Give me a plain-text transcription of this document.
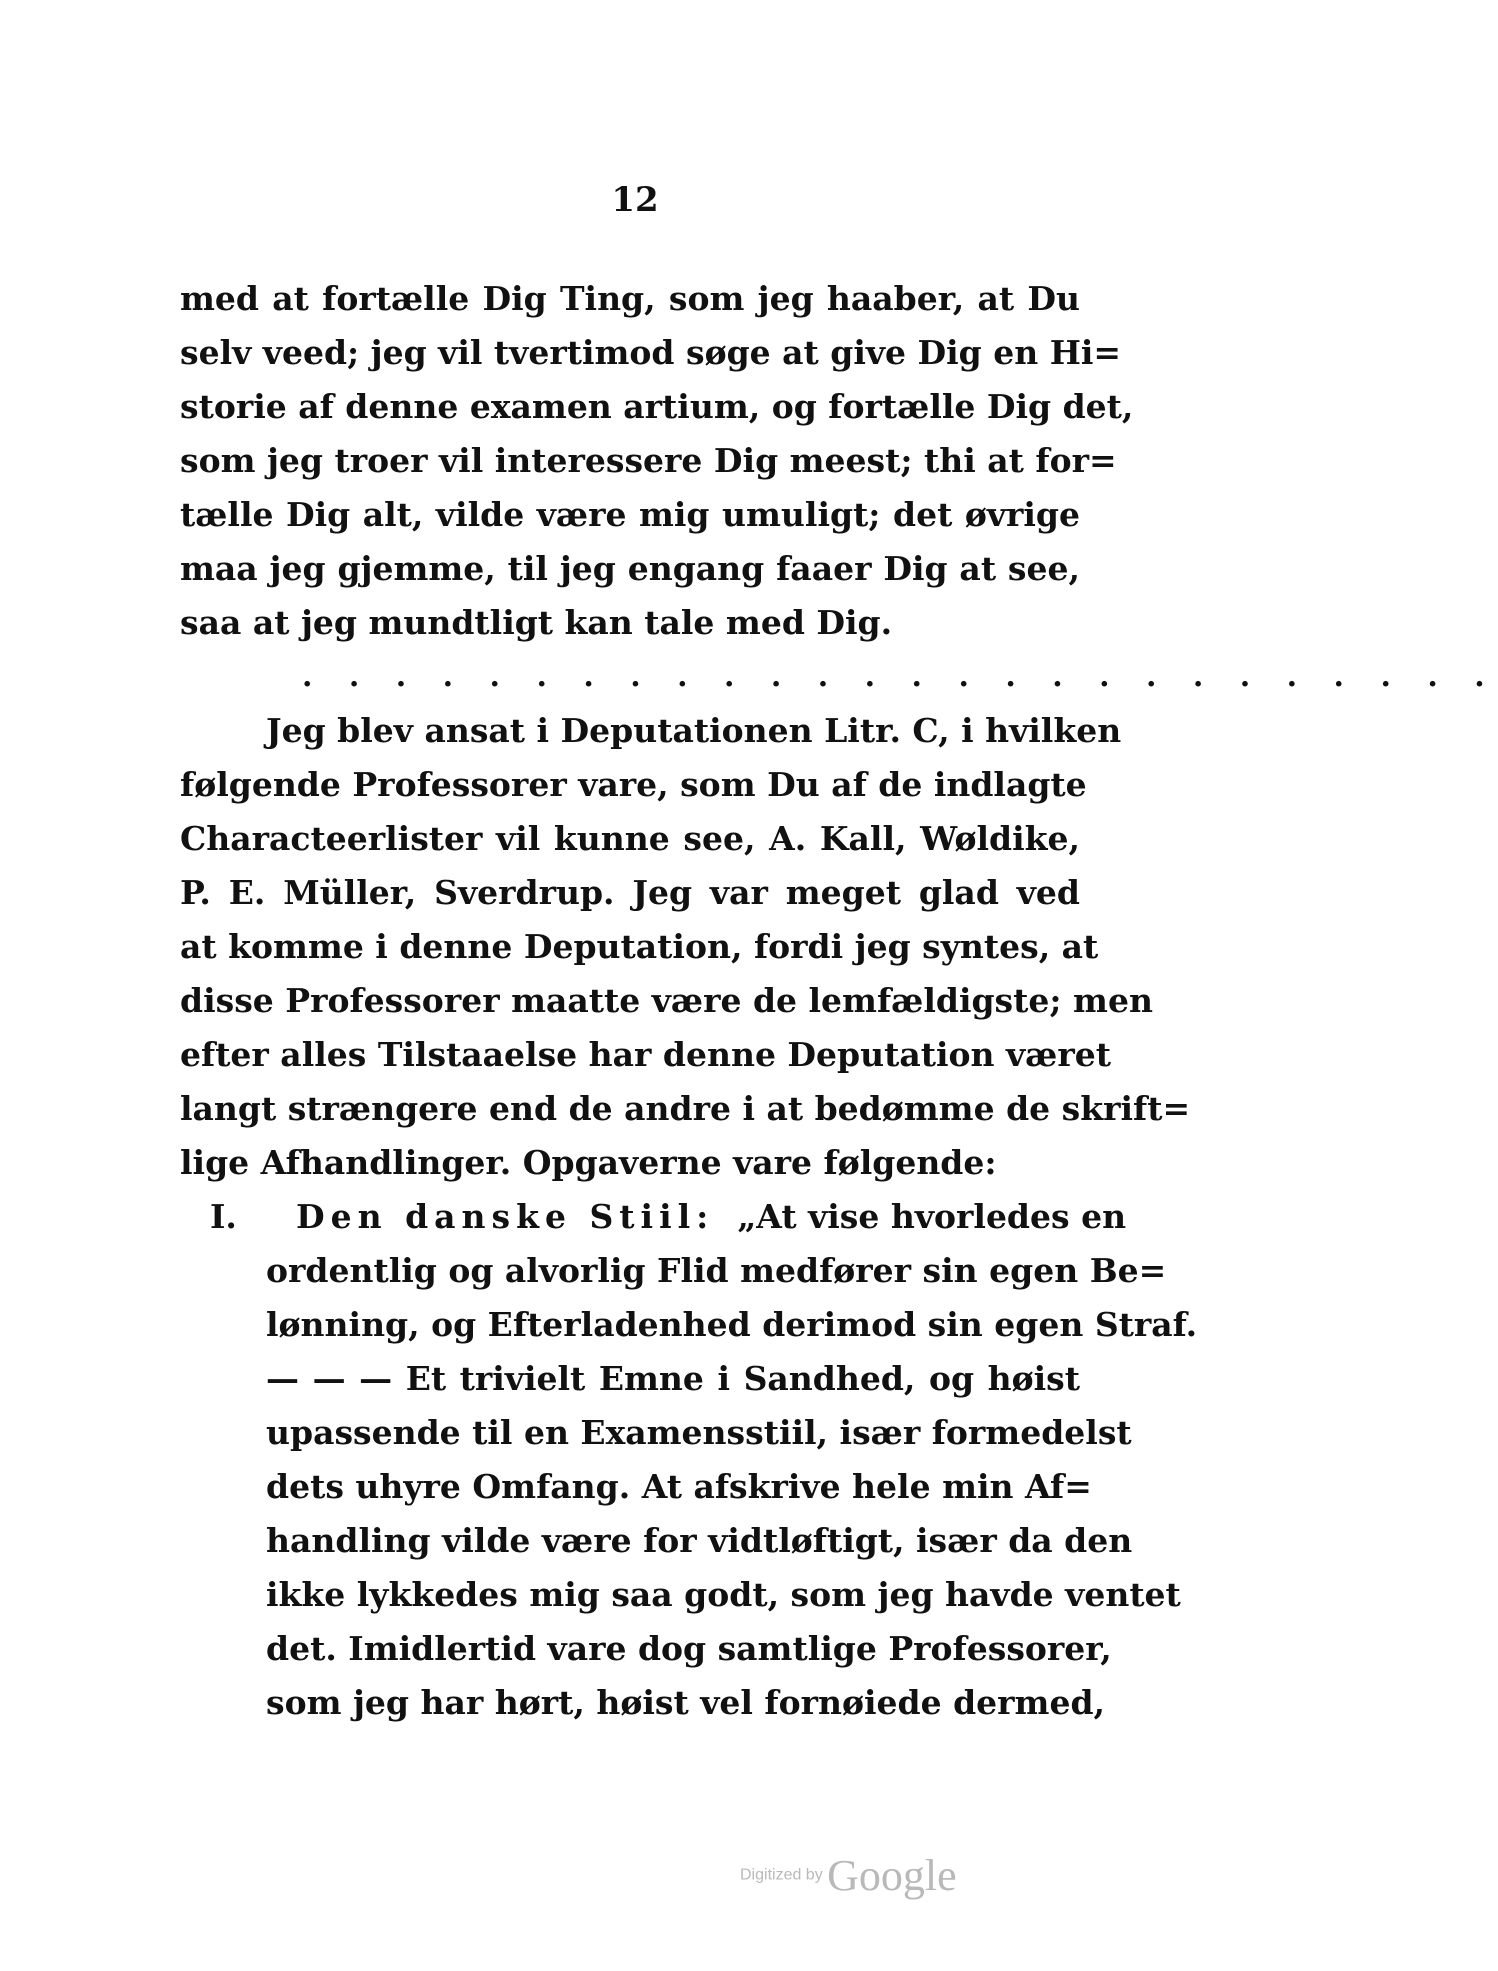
12
med at fortælle Dig Ting, som jeg haaber, at Du
selv veed; jeg vil tvertimod søge at give Dig en Hi=
storie af denne examen artium, og fortælle Dig det,
som jeg troer vil interessere Dig meest; thi at for=
tælle Dig alt, vilde være mig umuligt; det øvrige
maa jeg gjemme, til jeg engang faaer Dig at see,
saa at jeg mundtligt kan tale med Dig.
. . . . . . . . . . . . . . . . . . . . . . . . . .
Jeg blev ansat i Deputationen Litr. C, i hvilken
følgende Professorer vare, som Du af de indlagte
Characteerlister vil kunne see, A. Kall, Wøldike,
P. E. Müller, Sverdrup. Jeg var meget glad ved
at komme i denne Deputation, fordi jeg syntes, at
disse Professorer maatte være de lemfældigste; men
efter alles Tilstaaelse har denne Deputation været
langt strængere end de andre i at bedømme de skrift=
lige Afhandlinger. Opgaverne vare følgende:
I. Den danske Stiil: „At vise hvorledes en
ordentlig og alvorlig Flid medfører sin egen Be=
lønning, og Efterladenhed derimod sin egen Straf.
— — — Et trivielt Emne i Sandhed, og høist
upassende til en Examensstiil, især formedelst
dets uhyre Omfang. At afskrive hele min Af=
handling vilde være for vidtløftigt, især da den
ikke lykkedes mig saa godt, som jeg havde ventet
det. Imidlertid vare dog samtlige Professorer,
som jeg har hørt, høist vel fornøiede dermed,
Digitized by Google
